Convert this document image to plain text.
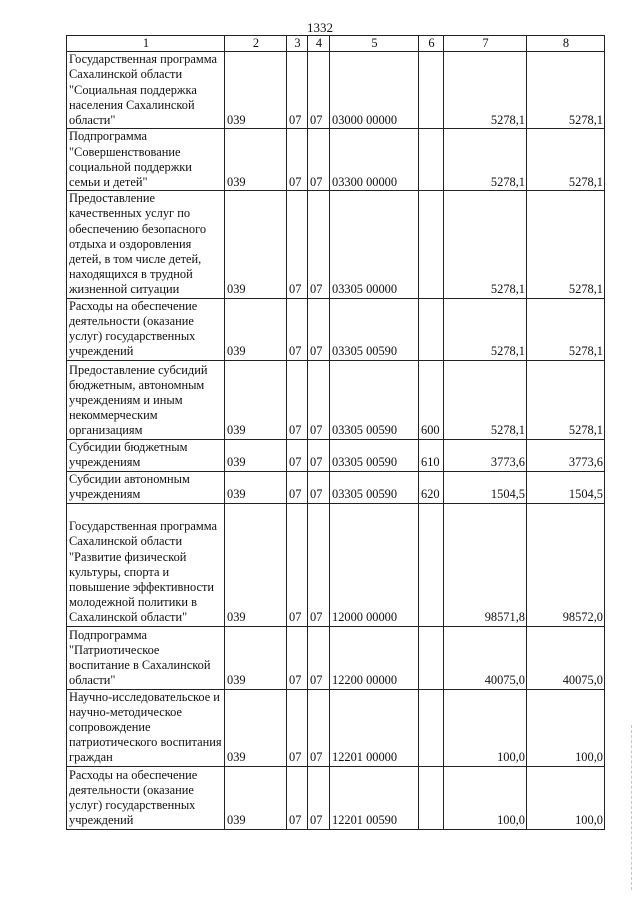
1332
1	2	3	4	5	6	7	8
Государственная программа Сахалинской области "Социальная поддержка населения Сахалинской области"	039	07	07	03000 00000		5278,1	5278,1
Подпрограмма "Совершенствование социальной поддержки семьи и детей"	039	07	07	03300 00000		5278,1	5278,1
Предоставление качественных услуг по обеспечению безопасного отдыха и оздоровления детей, в том числе детей, находящихся в трудной жизненной ситуации	039	07	07	03305 00000		5278,1	5278,1
Расходы на обеспечение деятельности (оказание услуг) государственных учреждений	039	07	07	03305 00590		5278,1	5278,1
Предоставление субсидий бюджетным, автономным учреждениям и иным некоммерческим организациям	039	07	07	03305 00590	600	5278,1	5278,1
Субсидии бюджетным учреждениям	039	07	07	03305 00590	610	3773,6	3773,6
Субсидии автономным учреждениям	039	07	07	03305 00590	620	1504,5	1504,5
Государственная программа Сахалинской области "Развитие физической культуры, спорта и повышение эффективности молодежной политики в Сахалинской области"	039	07	07	12000 00000		98571,8	98572,0
Подпрограмма "Патриотическое воспитание в Сахалинской области"	039	07	07	12200 00000		40075,0	40075,0
Научно-исследовательское и научно-методическое сопровождение патриотического воспитания граждан	039	07	07	12201 00000		100,0	100,0
Расходы на обеспечение деятельности (оказание услуг) государственных учреждений	039	07	07	12201 00590		100,0	100,0
